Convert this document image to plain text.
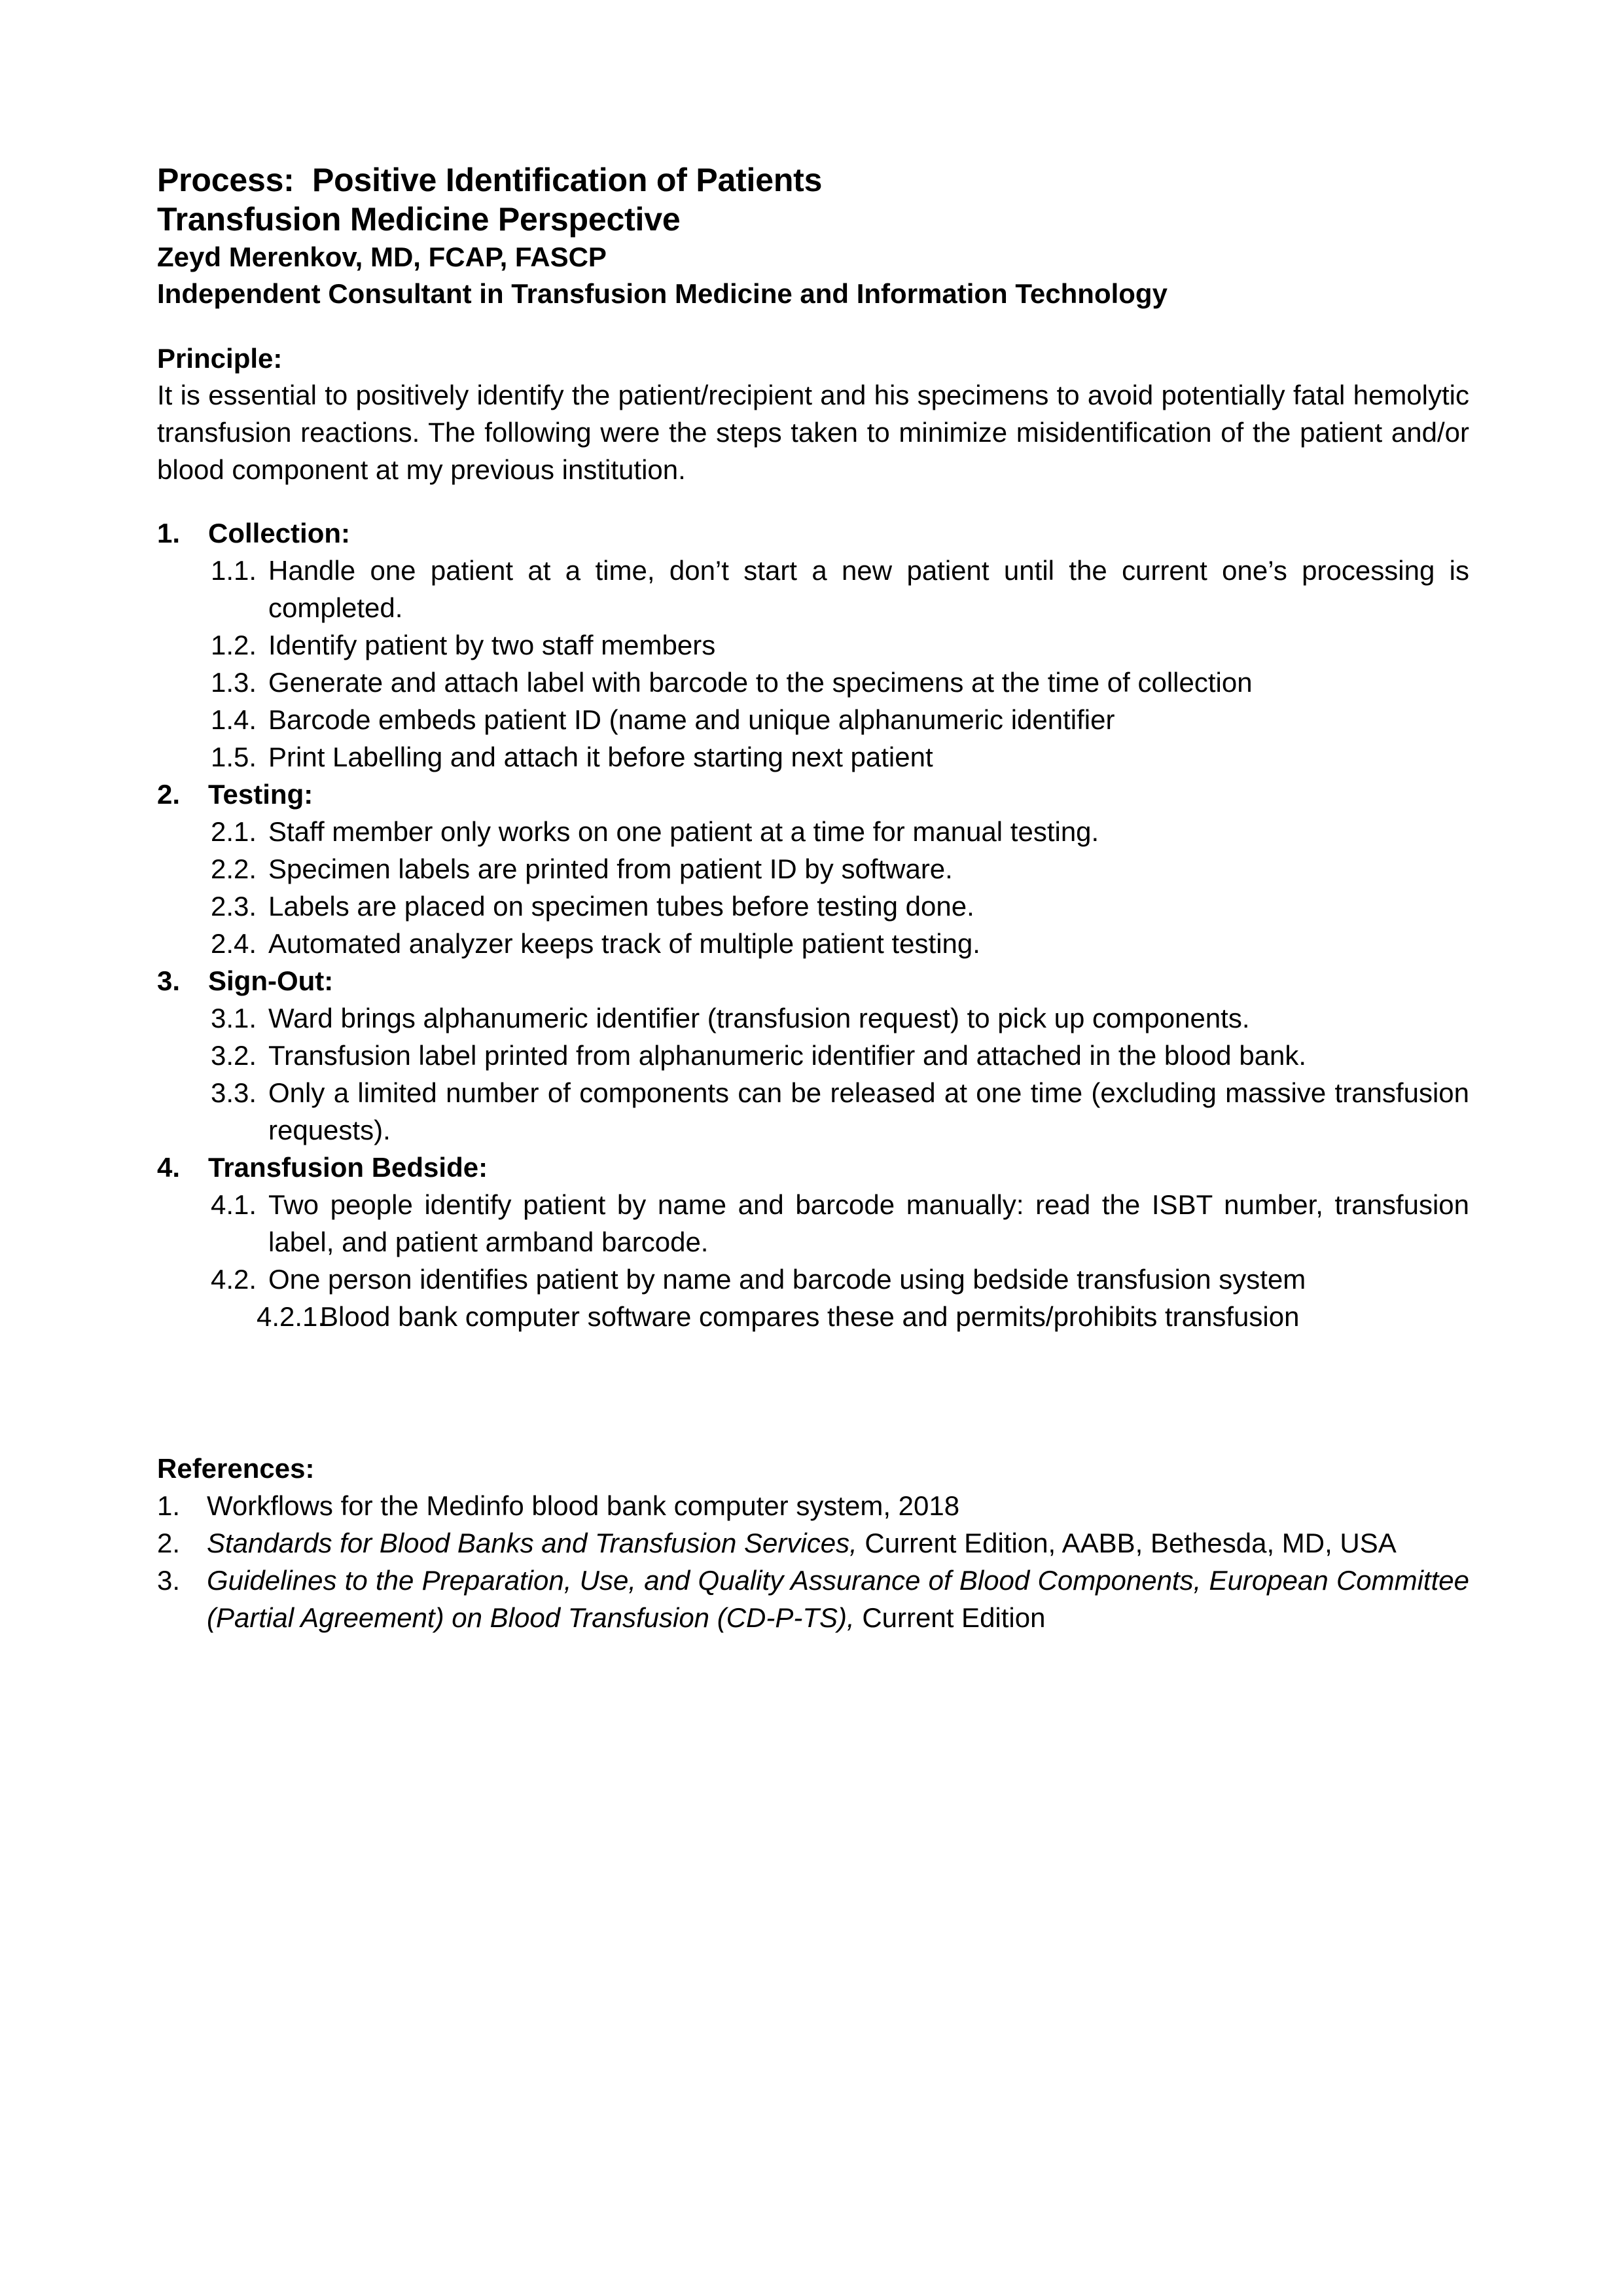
Process:  Positive Identification of Patients
Transfusion Medicine Perspective
Zeyd Merenkov, MD, FCAP, FASCP
Independent Consultant in Transfusion Medicine and Information Technology
Principle:
It is essential to positively identify the patient/recipient and his specimens to avoid potentially fatal hemolytic transfusion reactions. The following were the steps taken to minimize misidentification of the patient and/or blood component at my previous institution.
1.	Collection:
1.1. Handle one patient at a time, don’t start a new patient until the current one’s processing is completed.
1.2. Identify patient by two staff members
1.3. Generate and attach label with barcode to the specimens at the time of collection
1.4. Barcode embeds patient ID (name and unique alphanumeric identifier
1.5. Print Labelling and attach it before starting next patient
2.	Testing:
2.1. Staff member only works on one patient at a time for manual testing.
2.2. Specimen labels are printed from patient ID by software.
2.3. Labels are placed on specimen tubes before testing done.
2.4. Automated analyzer keeps track of multiple patient testing.
3.	Sign-Out:
3.1. Ward brings alphanumeric identifier (transfusion request) to pick up components.
3.2. Transfusion label printed from alphanumeric identifier and attached in the blood bank.
3.3. Only a limited number of components can be released at one time (excluding massive transfusion requests).
4.	Transfusion Bedside:
4.1. Two people identify patient by name and barcode manually: read the ISBT number, transfusion label, and patient armband barcode.
4.2. One person identifies patient by name and barcode using bedside transfusion system
4.2.1.
Blood bank computer software compares these and permits/prohibits transfusion
References:
1. Workflows for the Medinfo blood bank computer system, 2018
2. Standards for Blood Banks and Transfusion Services, Current Edition, AABB, Bethesda, MD, USA
3. Guidelines to the Preparation, Use, and Quality Assurance of Blood Components, European Committee (Partial Agreement) on Blood Transfusion (CD-P-TS), Current Edition
